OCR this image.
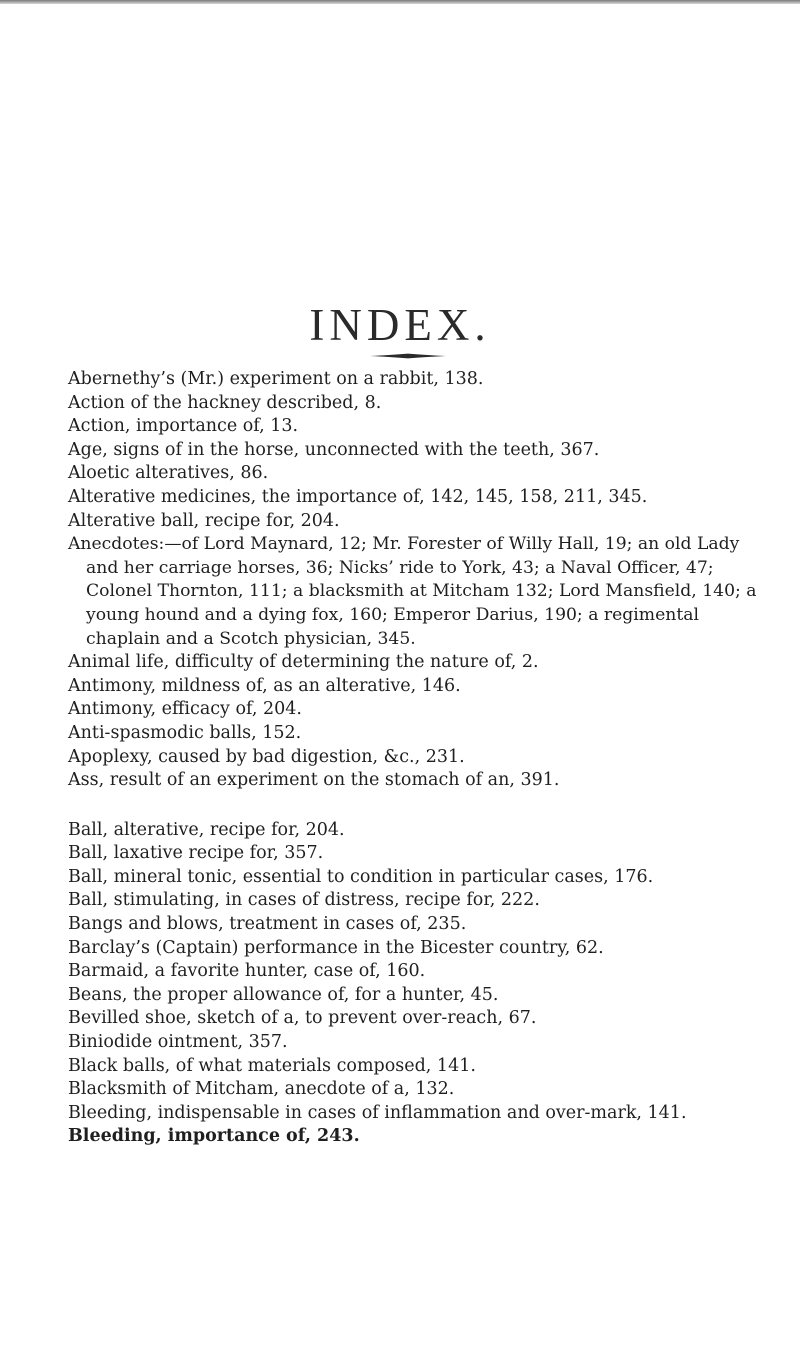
INDEX.
Abernethy’s (Mr.) experiment on a rabbit, 138.
Action of the hackney described, 8.
Action, importance of, 13.
Age, signs of in the horse, unconnected with the teeth, 367.
Aloetic alteratives, 86.
Alterative medicines, the importance of, 142, 145, 158, 211, 345.
Alterative ball, recipe for, 204.
Anecdotes:—of Lord Maynard, 12; Mr. Forester of Willy Hall, 19; an old Lady and her carriage horses, 36; Nicks’ ride to York, 43; a Naval Officer, 47; Colonel Thornton, 111; a blacksmith at Mitcham 132; Lord Mansfield, 140; a young hound and a dying fox, 160; Emperor Darius, 190; a regimental chaplain and a Scotch physician, 345.
Animal life, difficulty of determining the nature of, 2.
Antimony, mildness of, as an alterative, 146.
Antimony, efficacy of, 204.
Anti-spasmodic balls, 152.
Apoplexy, caused by bad digestion, &c., 231.
Ass, result of an experiment on the stomach of an, 391.
Ball, alterative, recipe for, 204.
Ball, laxative recipe for, 357.
Ball, mineral tonic, essential to condition in particular cases, 176.
Ball, stimulating, in cases of distress, recipe for, 222.
Bangs and blows, treatment in cases of, 235.
Barclay’s (Captain) performance in the Bicester country, 62.
Barmaid, a favorite hunter, case of, 160.
Beans, the proper allowance of, for a hunter, 45.
Bevilled shoe, sketch of a, to prevent over-reach, 67.
Biniodide ointment, 357.
Black balls, of what materials composed, 141.
Blacksmith of Mitcham, anecdote of a, 132.
Bleeding, indispensable in cases of inflammation and over-mark, 141.
Bleeding, importance of, 243.
